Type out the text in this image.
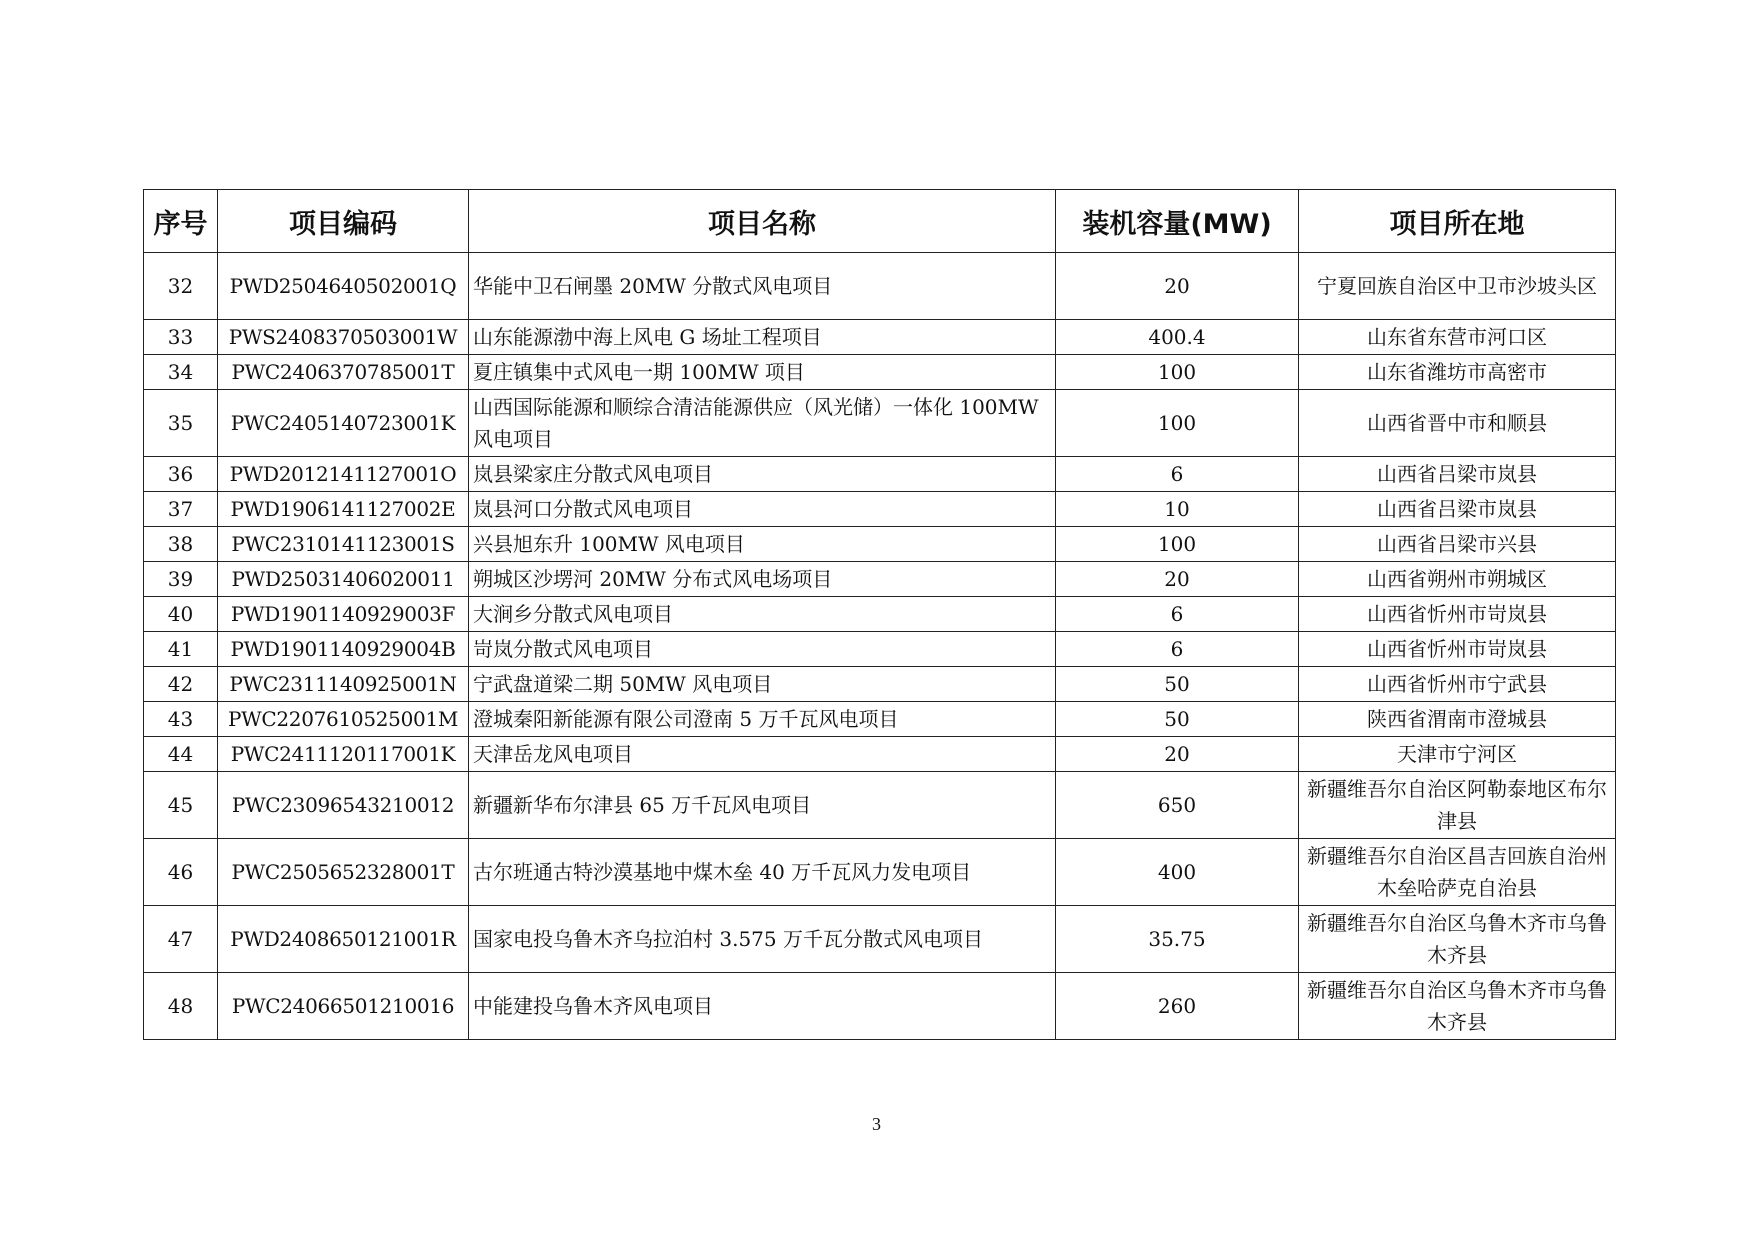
序号	项目编码	项目名称	装机容量(MW)	项目所在地
32	PWD2504640502001Q	华能中卫石闸墨 20MW 分散式风电项目	20	宁夏回族自治区中卫市沙坡头区
33	PWS2408370503001W	山东能源渤中海上风电 G 场址工程项目	400.4	山东省东营市河口区
34	PWC2406370785001T	夏庄镇集中式风电一期 100MW 项目	100	山东省潍坊市高密市
35	PWC2405140723001K	山西国际能源和顺综合清洁能源供应（风光储）一体化 100MW 风电项目	100	山西省晋中市和顺县
36	PWD2012141127001O	岚县梁家庄分散式风电项目	6	山西省吕梁市岚县
37	PWD1906141127002E	岚县河口分散式风电项目	10	山西省吕梁市岚县
38	PWC2310141123001S	兴县旭东升 100MW 风电项目	100	山西省吕梁市兴县
39	PWD25031406020011	朔城区沙塄河 20MW 分布式风电场项目	20	山西省朔州市朔城区
40	PWD1901140929003F	大涧乡分散式风电项目	6	山西省忻州市岢岚县
41	PWD1901140929004B	岢岚分散式风电项目	6	山西省忻州市岢岚县
42	PWC2311140925001N	宁武盘道梁二期 50MW 风电项目	50	山西省忻州市宁武县
43	PWC2207610525001M	澄城秦阳新能源有限公司澄南 5 万千瓦风电项目	50	陕西省渭南市澄城县
44	PWC2411120117001K	天津岳龙风电项目	20	天津市宁河区
45	PWC23096543210012	新疆新华布尔津县 65 万千瓦风电项目	650	新疆维吾尔自治区阿勒泰地区布尔津县
46	PWC2505652328001T	古尔班通古特沙漠基地中煤木垒 40 万千瓦风力发电项目	400	新疆维吾尔自治区昌吉回族自治州木垒哈萨克自治县
47	PWD2408650121001R	国家电投乌鲁木齐乌拉泊村 3.575 万千瓦分散式风电项目	35.75	新疆维吾尔自治区乌鲁木齐市乌鲁木齐县
48	PWC24066501210016	中能建投乌鲁木齐风电项目	260	新疆维吾尔自治区乌鲁木齐市乌鲁木齐县
3
